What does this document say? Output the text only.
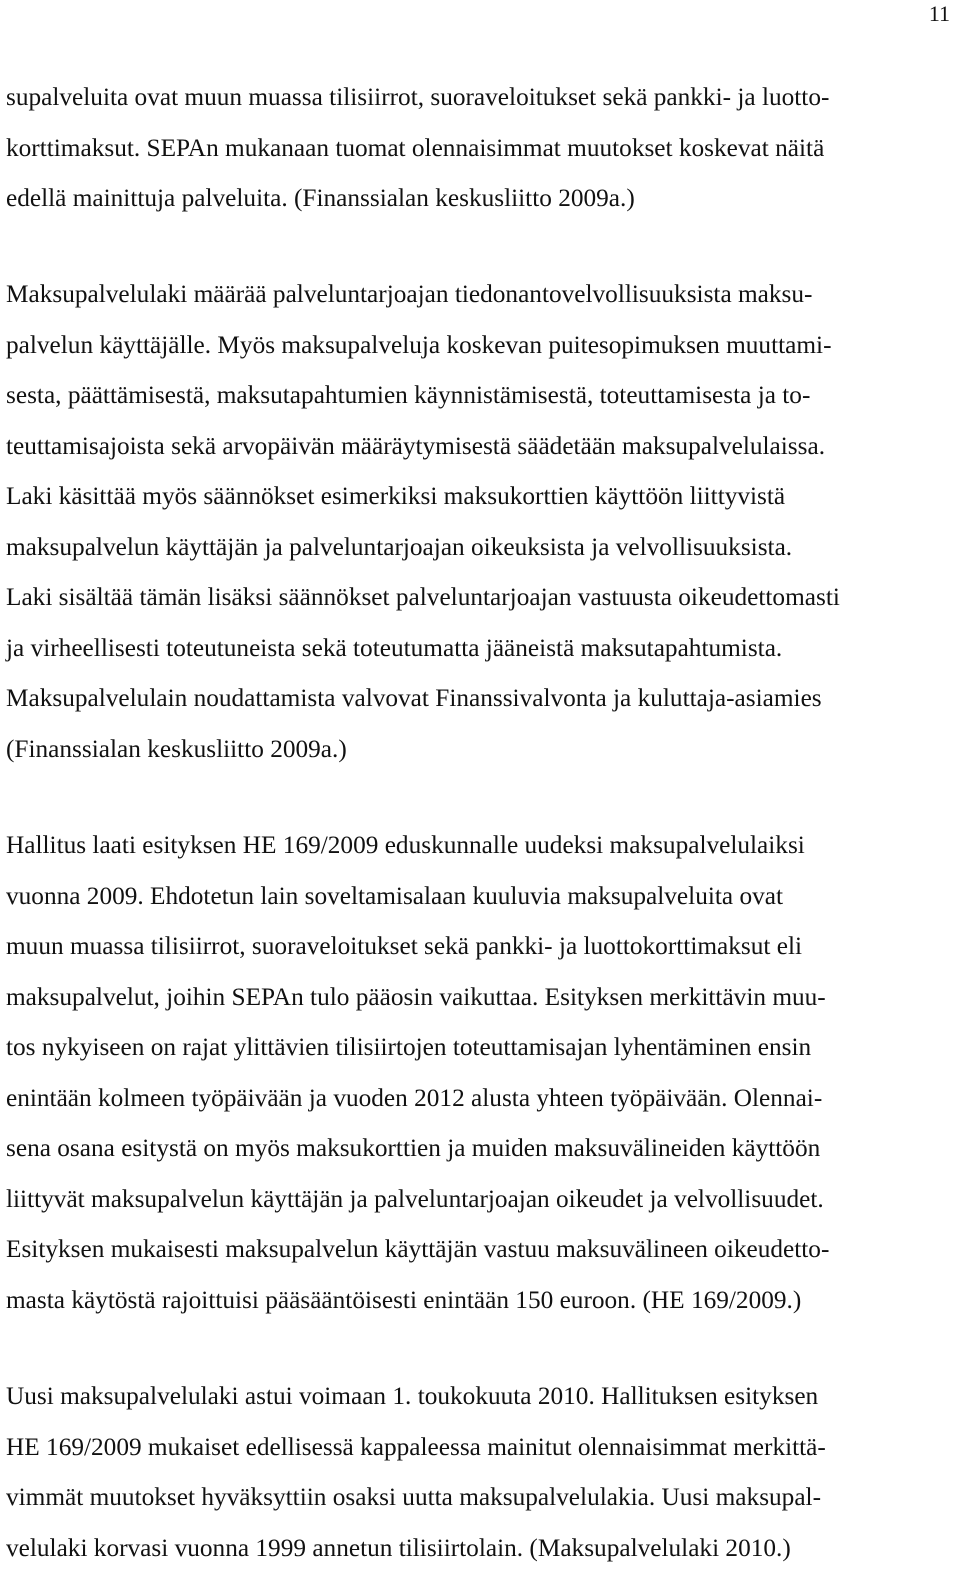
11
supalveluita ovat muun muassa tilisiirrot, suoraveloitukset sekä pankki- ja luotto-
korttimaksut. SEPAn mukanaan tuomat olennaisimmat muutokset koskevat näitä
edellä mainittuja palveluita. (Finanssialan keskusliitto 2009a.)
Maksupalvelulaki määrää palveluntarjoajan tiedonantovelvollisuuksista maksu-
palvelun käyttäjälle. Myös maksupalveluja koskevan puitesopimuksen muuttami-
sesta, päättämisestä, maksutapahtumien käynnistämisestä, toteuttamisesta ja to-
teuttamisajoista sekä arvopäivän määräytymisestä säädetään maksupalvelulaissa.
Laki käsittää myös säännökset esimerkiksi maksukorttien käyttöön liittyvistä
maksupalvelun käyttäjän ja palveluntarjoajan oikeuksista ja velvollisuuksista.
Laki sisältää tämän lisäksi säännökset palveluntarjoajan vastuusta oikeudettomasti
ja virheellisesti toteutuneista sekä toteutumatta jääneistä maksutapahtumista.
Maksupalvelulain noudattamista valvovat Finanssivalvonta ja kuluttaja-asiamies
(Finanssialan keskusliitto 2009a.)
Hallitus laati esityksen HE 169/2009 eduskunnalle uudeksi maksupalvelulaiksi
vuonna 2009. Ehdotetun lain soveltamisalaan kuuluvia maksupalveluita ovat
muun muassa tilisiirrot, suoraveloitukset sekä pankki- ja luottokorttimaksut eli
maksupalvelut, joihin SEPAn tulo pääosin vaikuttaa. Esityksen merkittävin muu-
tos nykyiseen on rajat ylittävien tilisiirtojen toteuttamisajan lyhentäminen ensin
enintään kolmeen työpäivään ja vuoden 2012 alusta yhteen työpäivään. Olennai-
sena osana esitystä on myös maksukorttien ja muiden maksuvälineiden käyttöön
liittyvät maksupalvelun käyttäjän ja palveluntarjoajan oikeudet ja velvollisuudet.
Esityksen mukaisesti maksupalvelun käyttäjän vastuu maksuvälineen oikeudetto-
masta käytöstä rajoittuisi pääsääntöisesti enintään 150 euroon. (HE 169/2009.)
Uusi maksupalvelulaki astui voimaan 1. toukokuuta 2010. Hallituksen esityksen
HE 169/2009 mukaiset edellisessä kappaleessa mainitut olennaisimmat merkittä-
vimmät muutokset hyväksyttiin osaksi uutta maksupalvelulakia. Uusi maksupal-
velulaki korvasi vuonna 1999 annetun tilisiirtolain. (Maksupalvelulaki 2010.)
